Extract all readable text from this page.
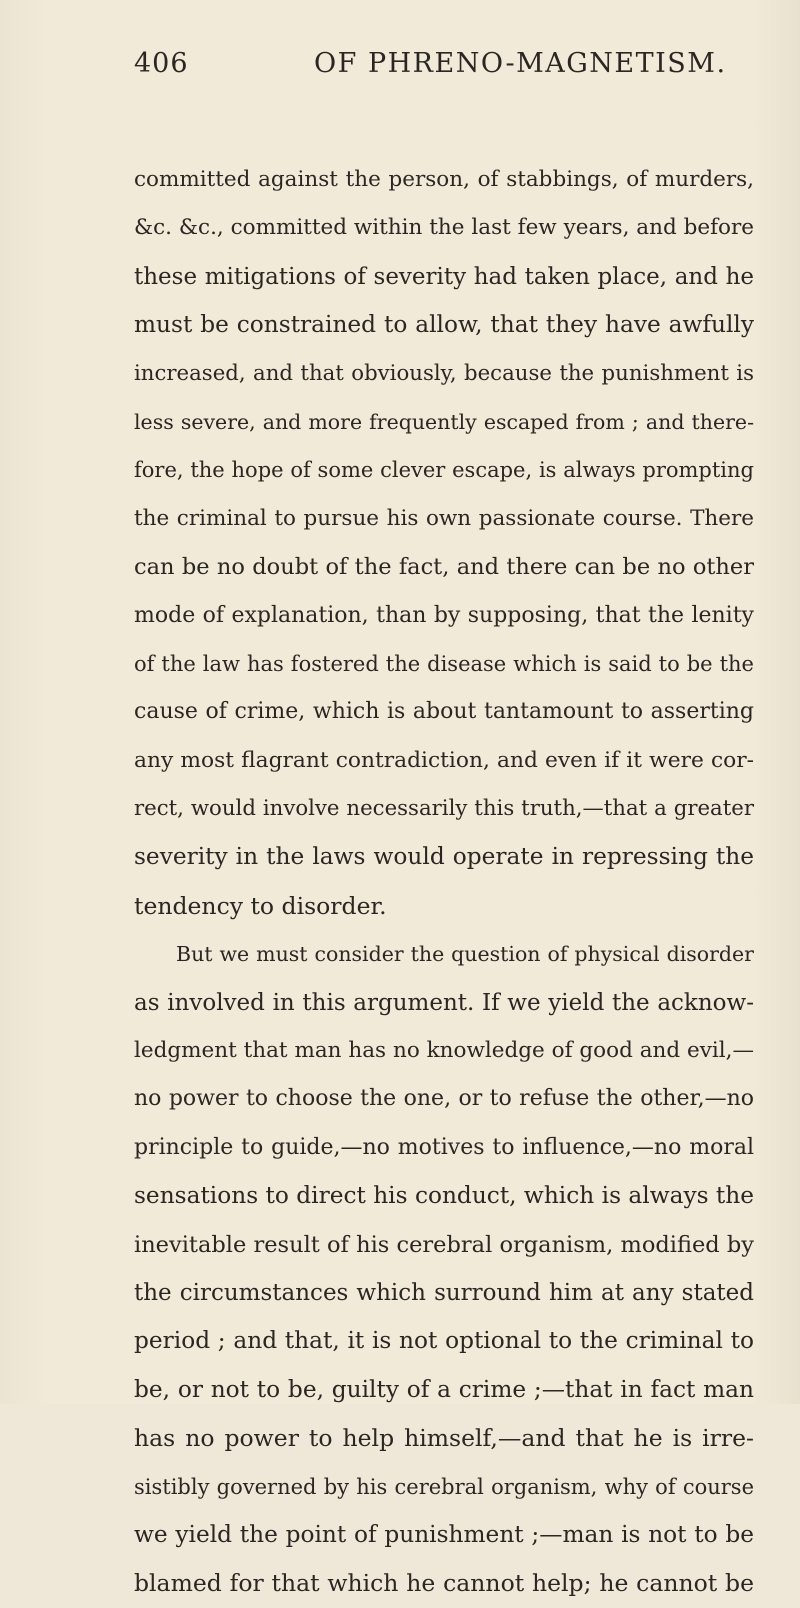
406	OF PHRENO-MAGNETISM.
committed against the person, of stabbings, of murders,
&c. &c., committed within the last few years, and before
these mitigations of severity had taken place, and he
must be constrained to allow, that they have awfully
increased, and that obviously, because the punishment is
less severe, and more frequently escaped from ; and there-
fore, the hope of some clever escape, is always prompting
the criminal to pursue his own passionate course. There
can be no doubt of the fact, and there can be no other
mode of explanation, than by supposing, that the lenity
of the law has fostered the disease which is said to be the
cause of crime, which is about tantamount to asserting
any most flagrant contradiction, and even if it were cor-
rect, would involve necessarily this truth,—that a greater
severity in the laws would operate in repressing the
tendency to disorder.
But we must consider the question of physical disorder
as involved in this argument. If we yield the acknow-
ledgment that man has no knowledge of good and evil,—
no power to choose the one, or to refuse the other,—no
principle to guide,—no motives to influence,—no moral
sensations to direct his conduct, which is always the
inevitable result of his cerebral organism, modified by
the circumstances which surround him at any stated
period ; and that, it is not optional to the criminal to
be, or not to be, guilty of a crime ;—that in fact man
has no power to help himself,—and that he is irre-
sistibly governed by his cerebral organism, why of course
we yield the point of punishment ;—man is not to be
blamed for that which he cannot help; he cannot be
